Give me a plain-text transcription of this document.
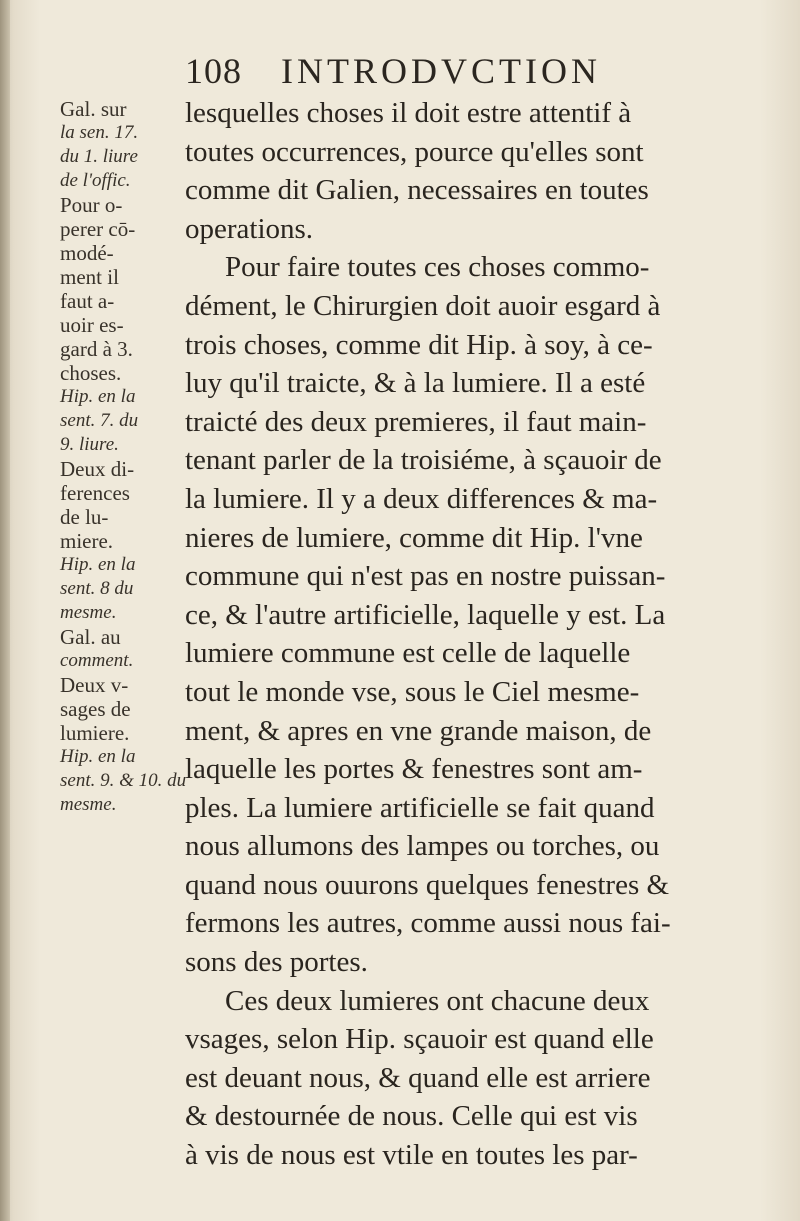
108 INTRODVCTION
Gal. sur
la sen. 17.
du 1. liure
de l'offic.
Pour o-
perer cō-
modé-
ment il
faut a-
uoir es-
gard à 3.
choses.
Hip. en la
sent. 7. du
9. liure.
Deux di-
ferences
de lu-
miere.
Hip. en la
sent. 8 du
mesme.
Gal. au
comment.
Deux v-
sages de
lumiere.
Hip. en la
sent. 9. & 10. du
mesme.
lesquelles choses il doit estre attentif à
toutes occurrences, pource qu'elles sont
comme dit Galien, necessaires en toutes
operations.
Pour faire toutes ces choses commo-
dément, le Chirurgien doit auoir esgard à
trois choses, comme dit Hip. à soy, à ce-
luy qu'il traicte, & à la lumiere. Il a esté
traicté des deux premieres, il faut main-
tenant parler de la troisiéme, à sçauoir de
la lumiere. Il y a deux differences & ma-
nieres de lumiere, comme dit Hip. l'vne
commune qui n'est pas en nostre puissan-
ce, & l'autre artificielle, laquelle y est. La
lumiere commune est celle de laquelle
tout le monde vse, sous le Ciel mesme-
ment, & apres en vne grande maison, de
laquelle les portes & fenestres sont am-
ples. La lumiere artificielle se fait quand
nous allumons des lampes ou torches, ou
quand nous ouurons quelques fenestres &
fermons les autres, comme aussi nous fai-
sons des portes.
Ces deux lumieres ont chacune deux
vsages, selon Hip. sçauoir est quand elle
est deuant nous, & quand elle est arriere
& destournée de nous. Celle qui est vis
à vis de nous est vtile en toutes les par-
